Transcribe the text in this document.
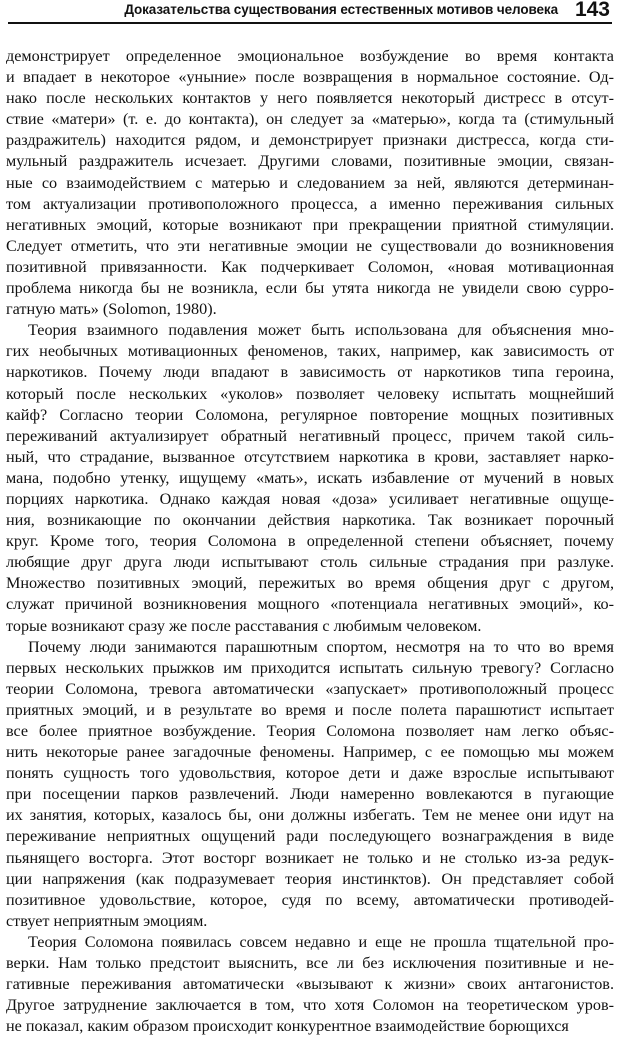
Доказательства существования естественных мотивов человека 143
демонстрирует определенное эмоциональное возбуждение во время контакта
и впадает в некоторое «уныние» после возвращения в нормальное состояние. Од-
нако после нескольких контактов у него появляется некоторый дистресс в отсут-
ствие «матери» (т. е. до контакта), он следует за «матерью», когда та (стимульный
раздражитель) находится рядом, и демонстрирует признаки дистресса, когда сти-
мульный раздражитель исчезает. Другими словами, позитивные эмоции, связан-
ные со взаимодействием с матерью и следованием за ней, являются детерминан-
том актуализации противоположного процесса, а именно переживания сильных
негативных эмоций, которые возникают при прекращении приятной стимуляции.
Следует отметить, что эти негативные эмоции не существовали до возникновения
позитивной привязанности. Как подчеркивает Соломон, «новая мотивационная
проблема никогда бы не возникла, если бы утята никогда не увидели свою сурро-
гатную мать» (Solomon, 1980).
Теория взаимного подавления может быть использована для объяснения мно-
гих необычных мотивационных феноменов, таких, например, как зависимость от
наркотиков. Почему люди впадают в зависимость от наркотиков типа героина,
который после нескольких «уколов» позволяет человеку испытать мощнейший
кайф? Согласно теории Соломона, регулярное повторение мощных позитивных
переживаний актуализирует обратный негативный процесс, причем такой силь-
ный, что страдание, вызванное отсутствием наркотика в крови, заставляет нарко-
мана, подобно утенку, ищущему «мать», искать избавление от мучений в новых
порциях наркотика. Однако каждая новая «доза» усиливает негативные ощуще-
ния, возникающие по окончании действия наркотика. Так возникает порочный
круг. Кроме того, теория Соломона в определенной степени объясняет, почему
любящие друг друга люди испытывают столь сильные страдания при разлуке.
Множество позитивных эмоций, пережитых во время общения друг с другом,
служат причиной возникновения мощного «потенциала негативных эмоций», ко-
торые возникают сразу же после расставания с любимым человеком.
Почему люди занимаются парашютным спортом, несмотря на то что во время
первых нескольких прыжков им приходится испытать сильную тревогу? Согласно
теории Соломона, тревога автоматически «запускает» противоположный процесс
приятных эмоций, и в результате во время и после полета парашютист испытает
все более приятное возбуждение. Теория Соломона позволяет нам легко объяс-
нить некоторые ранее загадочные феномены. Например, с ее помощью мы можем
понять сущность того удовольствия, которое дети и даже взрослые испытывают
при посещении парков развлечений. Люди намеренно вовлекаются в пугающие
их занятия, которых, казалось бы, они должны избегать. Тем не менее они идут на
переживание неприятных ощущений ради последующего вознаграждения в виде
пьянящего восторга. Этот восторг возникает не только и не столько из-за редук-
ции напряжения (как подразумевает теория инстинктов). Он представляет собой
позитивное удовольствие, которое, судя по всему, автоматически противодей-
ствует неприятным эмоциям.
Теория Соломона появилась совсем недавно и еще не прошла тщательной про-
верки. Нам только предстоит выяснить, все ли без исключения позитивные и не-
гативные переживания автоматически «вызывают к жизни» своих антагонистов.
Другое затруднение заключается в том, что хотя Соломон на теоретическом уров-
не показал, каким образом происходит конкурентное взаимодействие борющихся
